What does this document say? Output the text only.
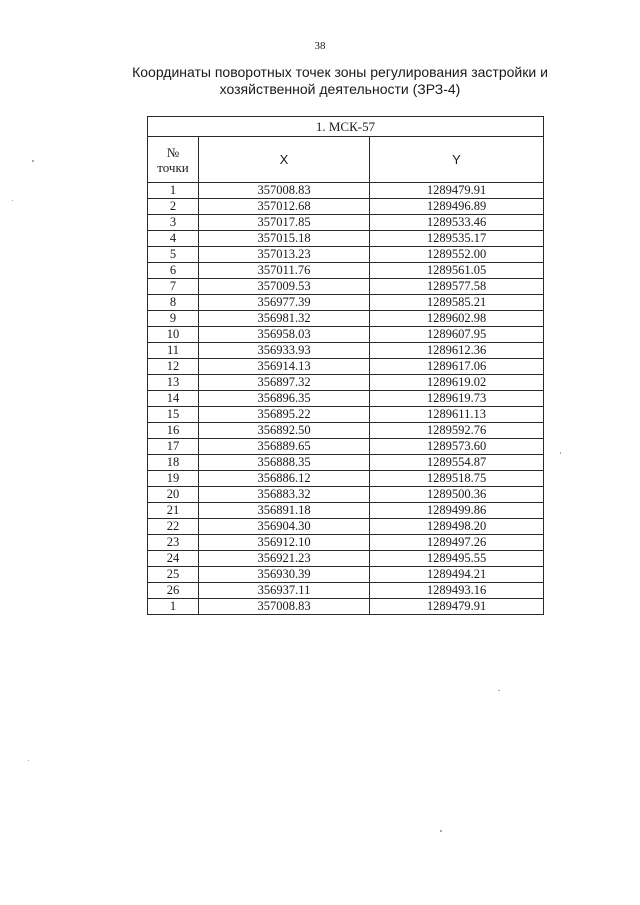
38
Координаты поворотных точек зоны регулирования застройки и
хозяйственной деятельности (ЗРЗ-4)
1. МСК-57		
№
точки	X	Y
1	357008.83	1289479.91
2	357012.68	1289496.89
3	357017.85	1289533.46
4	357015.18	1289535.17
5	357013.23	1289552.00
6	357011.76	1289561.05
7	357009.53	1289577.58
8	356977.39	1289585.21
9	356981.32	1289602.98
10	356958.03	1289607.95
11	356933.93	1289612.36
12	356914.13	1289617.06
13	356897.32	1289619.02
14	356896.35	1289619.73
15	356895.22	1289611.13
16	356892.50	1289592.76
17	356889.65	1289573.60
18	356888.35	1289554.87
19	356886.12	1289518.75
20	356883.32	1289500.36
21	356891.18	1289499.86
22	356904.30	1289498.20
23	356912.10	1289497.26
24	356921.23	1289495.55
25	356930.39	1289494.21
26	356937.11	1289493.16
1	357008.83	1289479.91
